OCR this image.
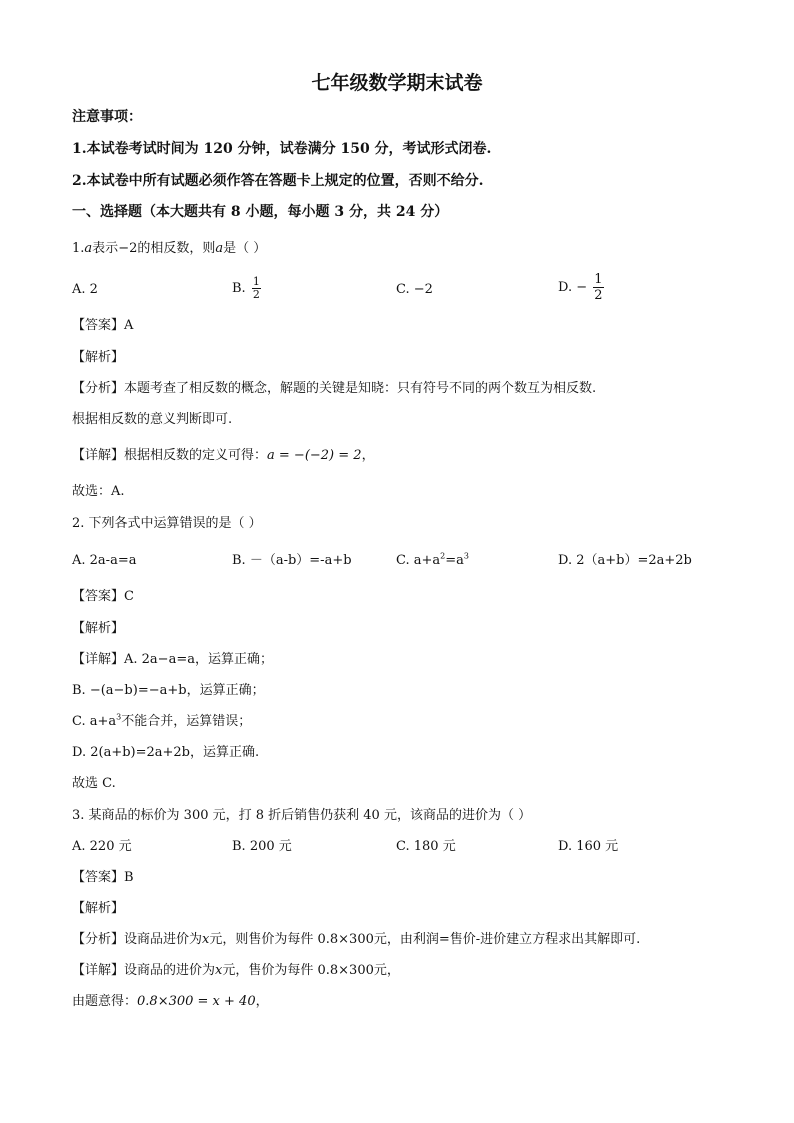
七年级数学期末试卷
注意事项：
1.本试卷考试时间为 120 分钟，试卷满分 150 分，考试形式闭卷.
2.本试卷中所有试题必须作答在答题卡上规定的位置，否则不给分.
一、选择题（本大题共有 8 小题，每小题 3 分，共 24 分）
1.a表示−2的相反数，则a是（ ）
A. 2	B. $\frac{1}{2}$	C. −2	D. − $\frac{1}{2}$
【答案】A
【解析】
【分析】本题考查了相反数的概念，解题的关键是知晓：只有符号不同的两个数互为相反数.
根据相反数的意义判断即可.
【详解】根据相反数的定义可得：a = −(−2) = 2，
故选：A.
2. 下列各式中运算错误的是（ ）
A. 2a-a=a	B. －（a-b）=-a+b	C. $a+a^2=a^3$	D. 2（a+b）=2a+2b
【答案】C
【解析】
【详解】A. 2a−a=a，运算正确；
B. −(a−b)=−a+b，运算正确；
C. $a+a^3$不能合并，运算错误；
D. 2(a+b)=2a+2b，运算正确.
故选 C.
3. 某商品的标价为 300 元，打 8 折后销售仍获利 40 元，该商品的进价为（ ）
A. 220 元	B. 200 元	C. 180 元	D. 160 元
【答案】B
【解析】
【分析】设商品进价为x元，则售价为每件 0.8×300元，由利润=售价-进价建立方程求出其解即可.
【详解】设商品的进价为x元，售价为每件 0.8×300元，
由题意得：0.8×300 = x + 40，
